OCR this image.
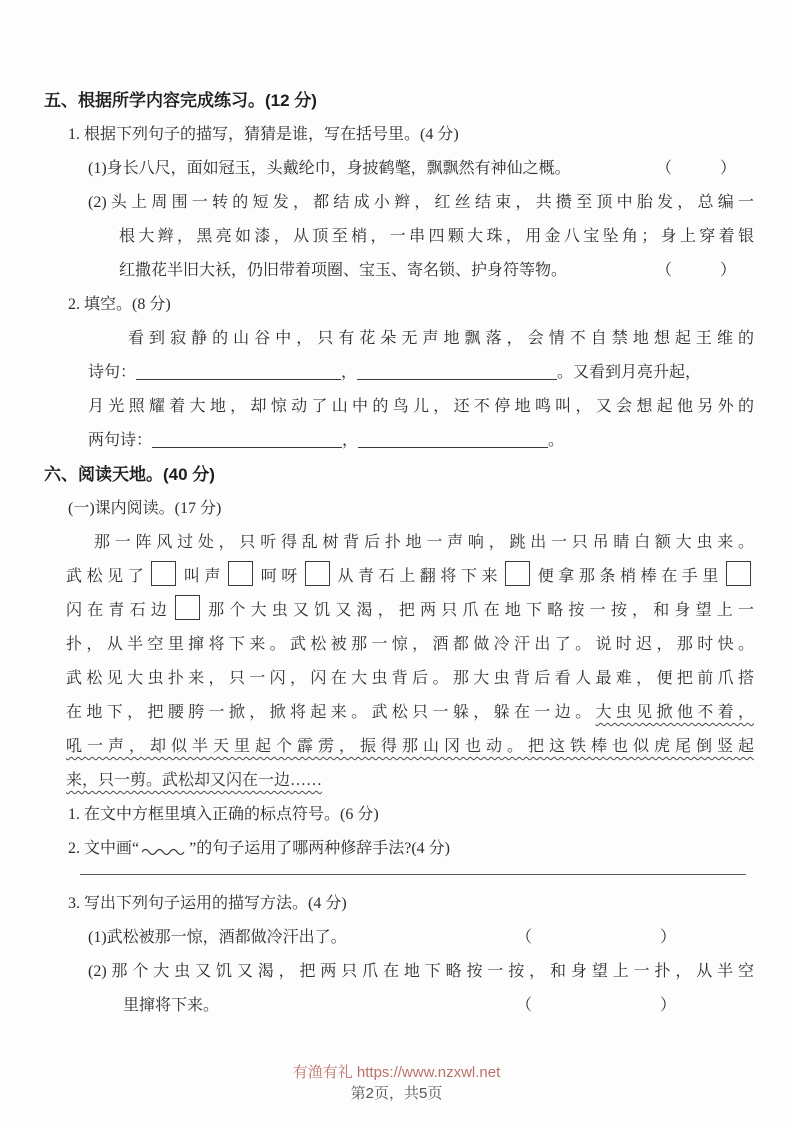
五、根据所学内容完成练习。(12 分)
1. 根据下列句子的描写，猜猜是谁，写在括号里。(4 分)
(1)身长八尺，面如冠玉，头戴纶巾，身披鹤氅，飘飘然有神仙之概。	（　　　）
(2)头上周围一转的短发，都结成小辫，红丝结束，共攒至顶中胎发，总编一
根大辫，黑亮如漆，从顶至梢，一串四颗大珠，用金八宝坠角；身上穿着银
红撒花半旧大袄，仍旧带着项圈、宝玉、寄名锁、护身符等物。	（　　　）
2. 填空。(8 分)
看到寂静的山谷中，只有花朵无声地飘落，会情不自禁地想起王维的
诗句：	，	。又看到月亮升起，
月光照耀着大地，却惊动了山中的鸟儿，还不停地鸣叫，又会想起他另外的
两句诗：	，	。
六、阅读天地。(40 分)
(一)课内阅读。(17 分)
那一阵风过处，只听得乱树背后扑地一声响，跳出一只吊睛白额大虫来。
武松见了 叫声 呵呀 从青石上翻将下来 便拿那条梢棒在手里
闪在青石边 那个大虫又饥又渴，把两只爪在地下略按一按，和身望上一
扑，从半空里撺将下来。武松被那一惊，酒都做冷汗出了。说时迟，那时快。
武松见大虫扑来，只一闪，闪在大虫背后。那大虫背后看人最难，便把前爪搭
在地下，把腰胯一掀，掀将起来。武松只一躲，躲在一边。大虫见掀他不着，
吼一声，却似半天里起个霹雳，振得那山冈也动。把这铁棒也似虎尾倒竖起
来，只一剪。武松却又闪在一边……
1. 在文中方框里填入正确的标点符号。(6 分)
2. 文中画“	”的句子运用了哪两种修辞手法?(4 分)
3. 写出下列句子运用的描写方法。(4 分)
(1)武松被那一惊，酒都做冷汗出了。	（　　　　　　　　）
(2)那个大虫又饥又渴，把两只爪在地下略按一按，和身望上一扑，从半空
里撺将下来。	（　　　　　　　　）
有渔有礼 https://www.nzxwl.net
第2页，共5页
